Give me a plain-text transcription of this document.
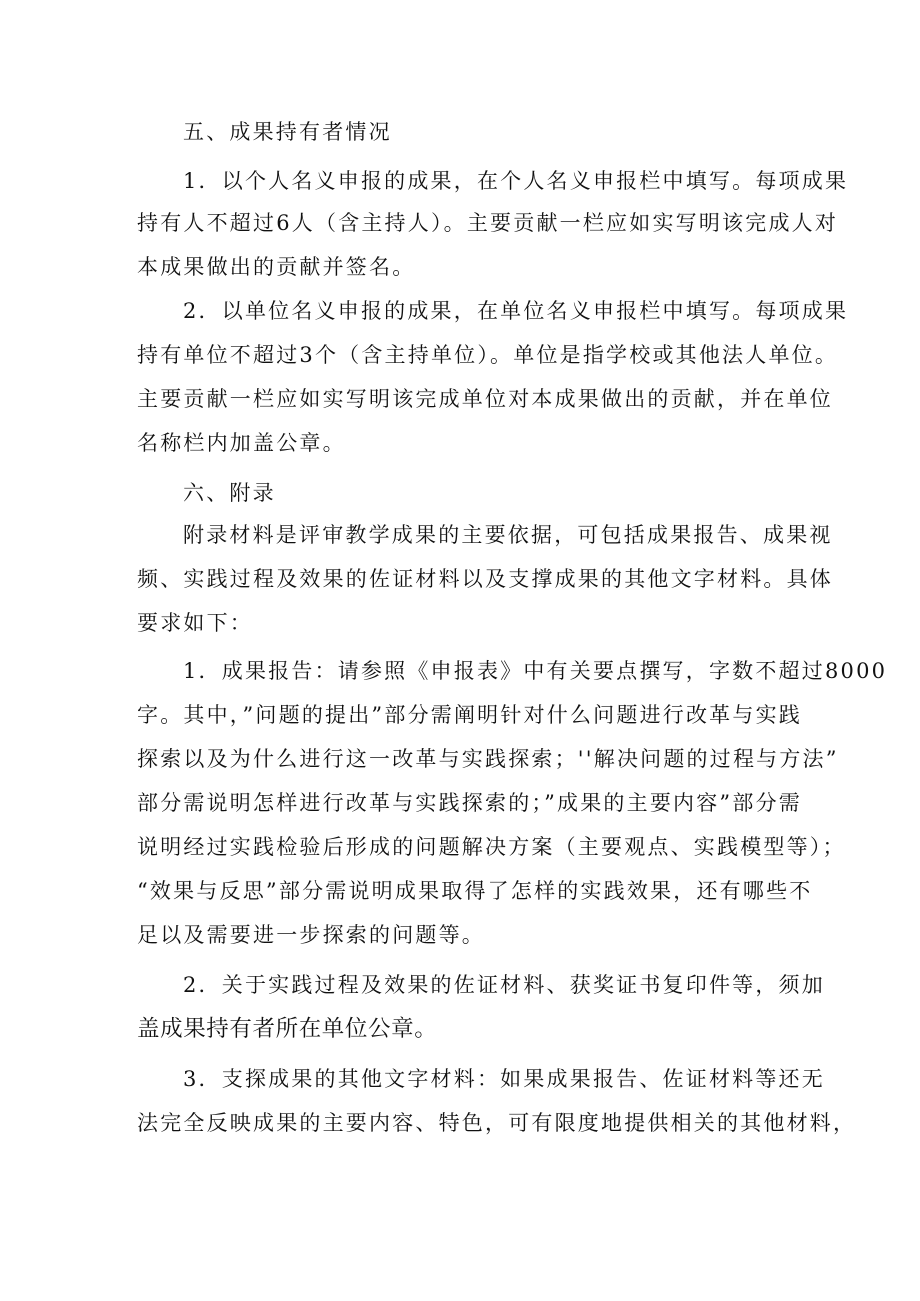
五、成果持有者情况

1．以个人名义申报的成果，在个人名义申报栏中填写。每项成果

持有人不超过6人（含主持人）。主要贡献一栏应如实写明该完成人对

本成果做出的贡献并签名。

2．以单位名义申报的成果，在单位名义申报栏中填写。每项成果

持有单位不超过3个（含主持单位）。单位是指学校或其他法人单位。

主要贡献一栏应如实写明该完成单位对本成果做出的贡献，并在单位

名称栏内加盖公章。

六、附录

附录材料是评审教学成果的主要依据，可包括成果报告、成果视

频、实践过程及效果的佐证材料以及支撑成果的其他文字材料。具体

要求如下：

1．成果报告：请参照《申报表》中有关要点撰写，字数不超过8000

字。其中，”问题的提出”部分需阐明针对什么问题进行改革与实践

探索以及为什么进行这一改革与实践探索；''解决问题的过程与方法”

部分需说明怎样进行改革与实践探索的；”成果的主要内容”部分需

说明经过实践检验后形成的问题解决方案（主要观点、实践模型等）；

“效果与反思”部分需说明成果取得了怎样的实践效果，还有哪些不

足以及需要进一步探索的问题等。

2．关于实践过程及效果的佐证材料、获奖证书复印件等，须加

盖成果持有者所在单位公章。

3．支探成果的其他文字材料：如果成果报告、佐证材料等还无

法完全反映成果的主要内容、特色，可有限度地提供相关的其他材料，
